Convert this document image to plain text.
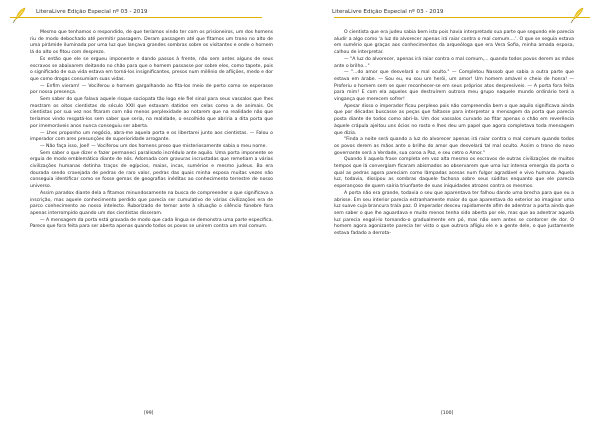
LiteraLivre Edição Especial nº 03 - 2019

Mesmo que tenhamos o respondido, de que teríamos vindo ter com os prisioneiros, um dos homens riu de modo debochado até permitir passagem. Deram passagem até que fitamos um trono no alto de uma pirâmide iluminada por uma luz que lançava grandes sombras sobre os visitantes e onde o homem lá do alto os fitou com desprezo.

Es então que ele se ergueu imponente e dando passos à frente, não sem antes alguns de seus escravos se abaixarem deitando no chão para que o homem passasse por sobre eles, como tapete, pois o significado de sua vida estava em torná-los insignificantes, presos num milênio de aflições, medo e dor que como drogas consumiam suas vidas.

— Enfim vieram! — Vociferou o homem gargalhando ao fita-los meio de perto como se esperasse por nossa presença.

Sem saber do que falava aquele risque sociopata tão logo ele fiel sinal para seus vassalos que lhes mostram os oitos cientistas do século XXII que estavam datidos em celas como a de animais. Os cientistas por sua vez nos fitaram com não menos perplexidade ao notarem que na realidade não que teríamos vindo resgatá-los sem saber que seria, na realidade, o escolhido que abriria a dita porta que por imemoráveis anos nunca conseguiu ser aberta.

— Lhes proponho um negócio, abra-me aquela porta e os libertarei junto aos cientistas. — Falou o imperador com ares presunções de superioridade arrogante.

— Não faça isso, Joel! — Vociferou um dos homens preso que misteriosamente sabia o meu nome.

Sem saber o que dizer e fazer permaneci paralisado incrédulo ante aquilo. Uma porta imponente se erguia de modo emblemático diante de nós. Adornada com gravuras incrustadas que remetiam a várias civilizações humanas detinha traços de egípcios, maias, incas, sumérios e mesmo judeus. Ba era dourada sendo cravejada de pedras de raro valor, pedras das quais minha esposa muitas vezes não conseguia identificar como se fosse gemas de geografias inéditas ao conhecimento terrestre de nosso universo.

Assim paradox diante dela a fitamos minundosamente na busca de compreender o que significava a inscrição, mas aquele conhecimento perdido que parecia ser cumulativo de várias civilizações era de parco conhecimento ao nosso intelecto. Ruborizado de temor ante à situação o silêncio fúnebre fora apenas interrompido quando um dos cientistas disseram.

— A mensagem da porta está gravada de modo que cada língua se demonstra uma parte específica. Parece que fora feita para ser aberta apenas quando todos os povos se unirem contra um mal comum.

[99]
LiteraLivre Edição Especial nº 03 - 2019

O cientista que era judeu sabia bem isto pois havia interpretado sua parte que segundo ele parecia aludir a algo como 'a luz do alvorecer apenas irá raiar contra o mal comum....'. O que se seguia estava em sumério que graças aos conhecimentos da arqueóloga que era Vera Sofia, minha amada esposa, calhou de interpretar.

— "A luz do alvorecer, apenas irá raiar contra o mal comum,... quando todos povos derem as mãos ante o brilho..."

— "...do amor que desvelará o mal oculto." — Completou Nassob que sabia a outra parte que estava em árabe. — Sou eu, eu sou um herói, um amor! Um homem amável e cheio de honra! — Proferiu o homem sem se quer reconhecer-se em seus próprios atos despresíveis. — A porta fora feita para mim! E com ela aqueles que destruírem outrora meu grupo naquele mundo ordinário terá a vingança que merecem sofrer!

Apesar disso o imperador ficou perplexo pois não compreendia bem o que aquilo significava ainda que por décadas buscasse as peças que faltasse para interpretar a mensagem da porta que parecia posta diante de todos como abri-la. Um dos vassalos curvado ao fitar apenas o chão em reverência àquele crápula ajeitou uns ócios no rosto e lhes deu um papel que agora completava toda mensagem que dizia.

"Finda a noite será quando a luz do alvorecer apenas irá raiar contra o mal comum quando todos os povos derem as mãos ante o brilho do amor que desvelará tal mal oculto. Assim o trono do novo governante será a Verdade, sua coroa a Paz, e seu cetro o Amor."

Quando lí aquela frase completa em voz alta mesmo os escravos de outras civilizações de muitos tempos que lá convergiam ficaram abismados ao observarem que uma luz intensa emergia da porta o qual as pedras agora pareciam como lâmpadas acesas num fulgor agradável e vivo humana. Aquela luz, todavia, dissipou as sombras daquele fachona sobre seus súditos enquanto que ele parecia esperançoso de quem saíria triunfante de suas iniquidades atrozes contra os mesmos.

A porta não era grande, todavia o seu que aparentava ter falhou dando uma brecha para que eu a abrisse. Em seu interior parecia estranhamente maior do que aparentava do exterior ao imaginar uma luz suave cuja brancura traía paz. O imperador desceu rapidamente afim de adentrar a porta ainda que sem saber o que lhe aguardava e muito menos tenha sido aberta por ele, mas que ao adentrar aquela luz parecia engoli-lo tornando-o gradualmente em pó, mas não sem antes se contorcer de dor. O homem agora agonizante parecia ter visto o que outrora afligiu ele e a gente dele, o que justamente estava fadado a derrota-

[100]
